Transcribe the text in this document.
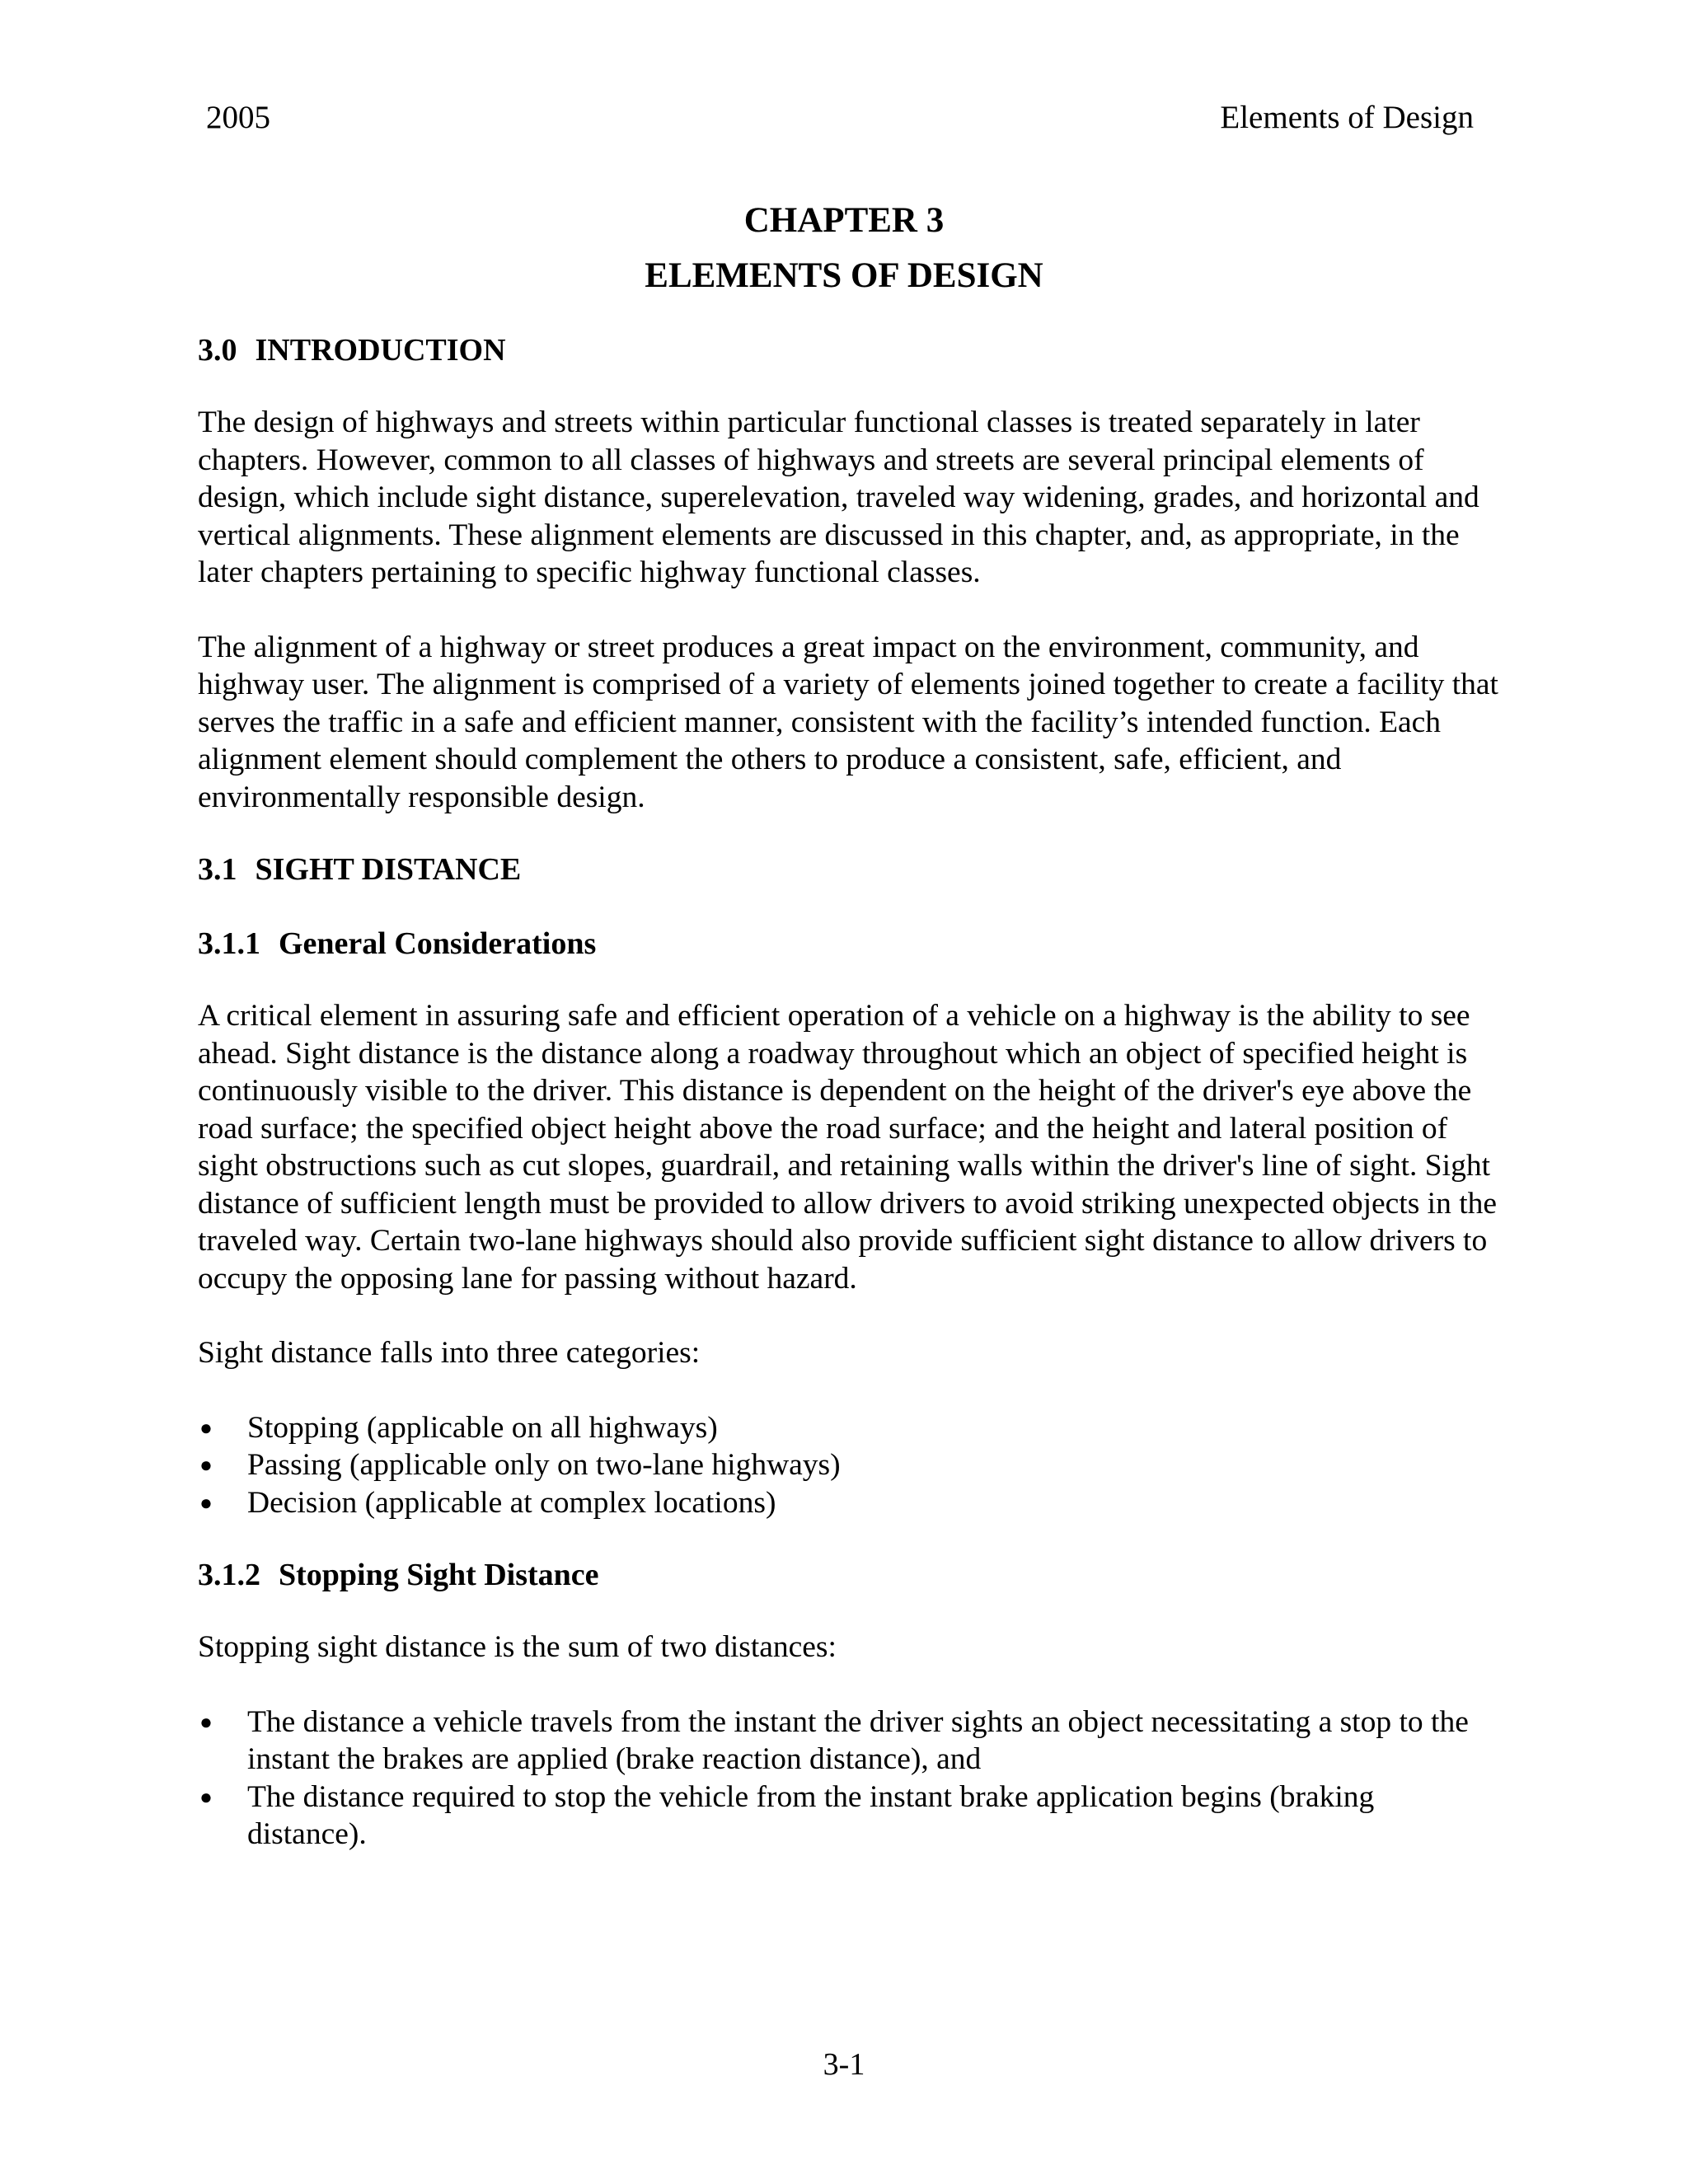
2005	Elements of Design
CHAPTER 3
ELEMENTS OF DESIGN
3.0 INTRODUCTION

The design of highways and streets within particular functional classes is treated separately in later chapters. However, common to all classes of highways and streets are several principal elements of design, which include sight distance, superelevation, traveled way widening, grades, and horizontal and vertical alignments. These alignment elements are discussed in this chapter, and, as appropriate, in the later chapters pertaining to specific highway functional classes.

The alignment of a highway or street produces a great impact on the environment, community, and highway user. The alignment is comprised of a variety of elements joined together to create a facility that serves the traffic in a safe and efficient manner, consistent with the facility’s intended function. Each alignment element should complement the others to produce a consistent, safe, efficient, and environmentally responsible design.

3.1 SIGHT DISTANCE
3.1.1 General Considerations

A critical element in assuring safe and efficient operation of a vehicle on a highway is the ability to see ahead. Sight distance is the distance along a roadway throughout which an object of specified height is continuously visible to the driver. This distance is dependent on the height of the driver's eye above the road surface; the specified object height above the road surface; and the height and lateral position of sight obstructions such as cut slopes, guardrail, and retaining walls within the driver's line of sight. Sight distance of sufficient length must be provided to allow drivers to avoid striking unexpected objects in the traveled way. Certain two-lane highways should also provide sufficient sight distance to allow drivers to occupy the opposing lane for passing without hazard.

Sight distance falls into three categories:

● Stopping (applicable on all highways)
● Passing (applicable only on two-lane highways)
● Decision (applicable at complex locations)
3.1.2 Stopping Sight Distance

Stopping sight distance is the sum of two distances:

● The distance a vehicle travels from the instant the driver sights an object necessitating a stop to the instant the brakes are applied (brake reaction distance), and
● The distance required to stop the vehicle from the instant brake application begins (braking distance).
3-1
